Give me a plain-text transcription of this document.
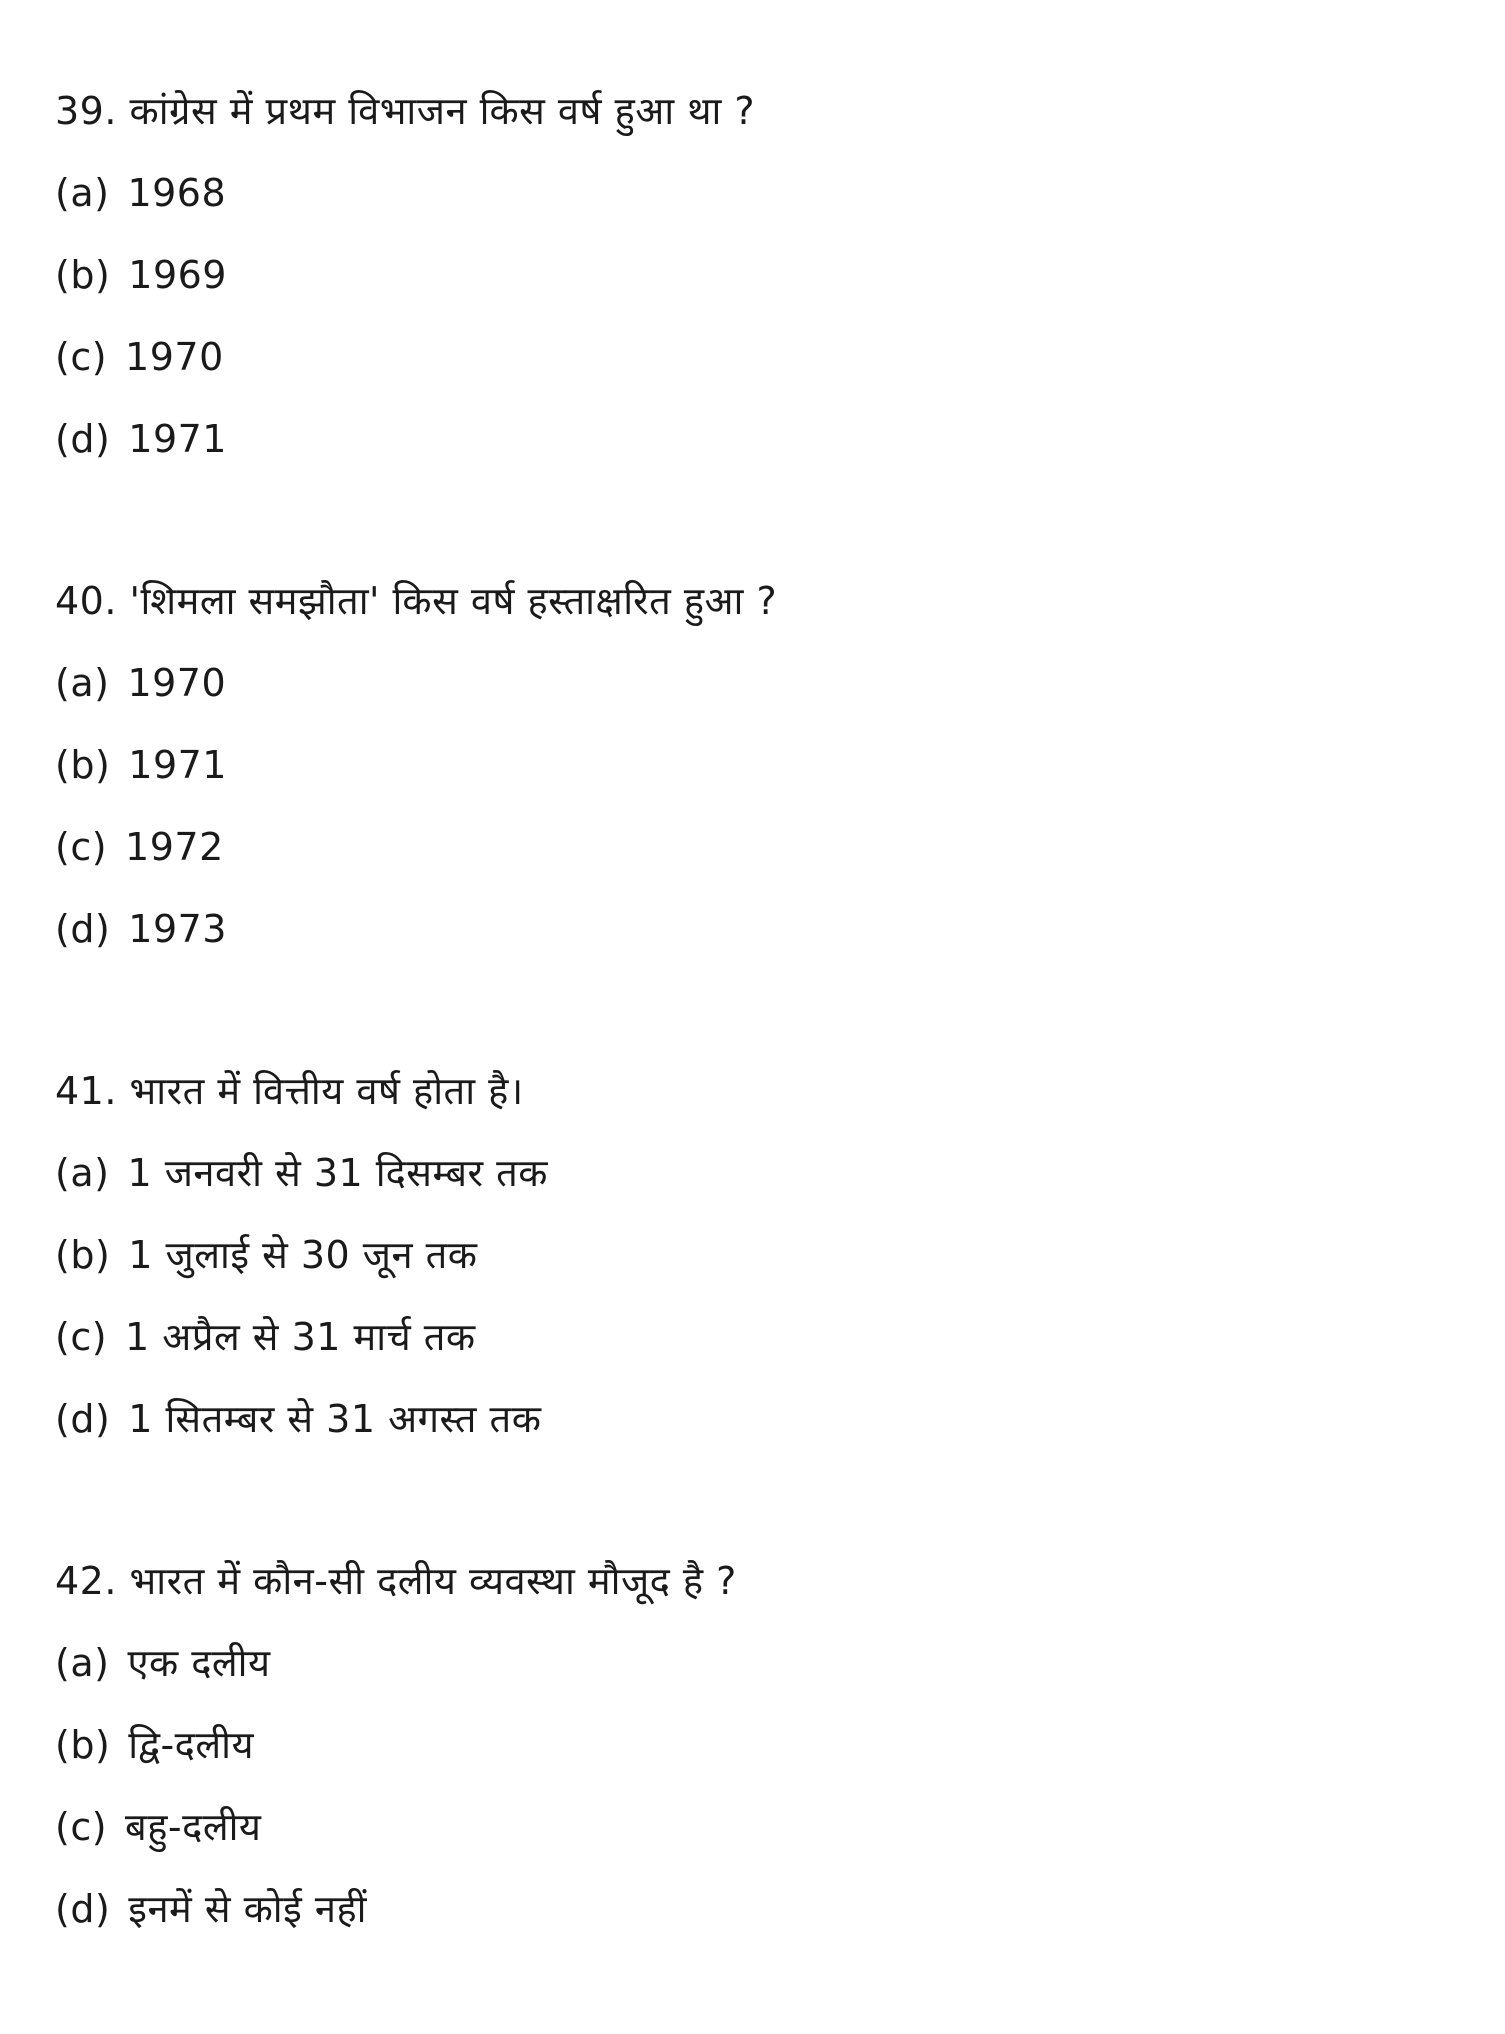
39. कांग्रेस में प्रथम विभाजन किस वर्ष हुआ था ?
(a) 1968
(b) 1969
(c) 1970
(d) 1971
40. 'शिमला समझौता' किस वर्ष हस्ताक्षरित हुआ ?
(a) 1970
(b) 1971
(c) 1972
(d) 1973
41. भारत में वित्तीय वर्ष होता है।
(a) 1 जनवरी से 31 दिसम्बर तक
(b) 1 जुलाई से 30 जून तक
(c) 1 अप्रैल से 31 मार्च तक
(d) 1 सितम्बर से 31 अगस्त तक
42. भारत में कौन-सी दलीय व्यवस्था मौजूद है ?
(a) एक दलीय
(b) द्वि-दलीय
(c) बहु-दलीय
(d) इनमें से कोई नहीं
